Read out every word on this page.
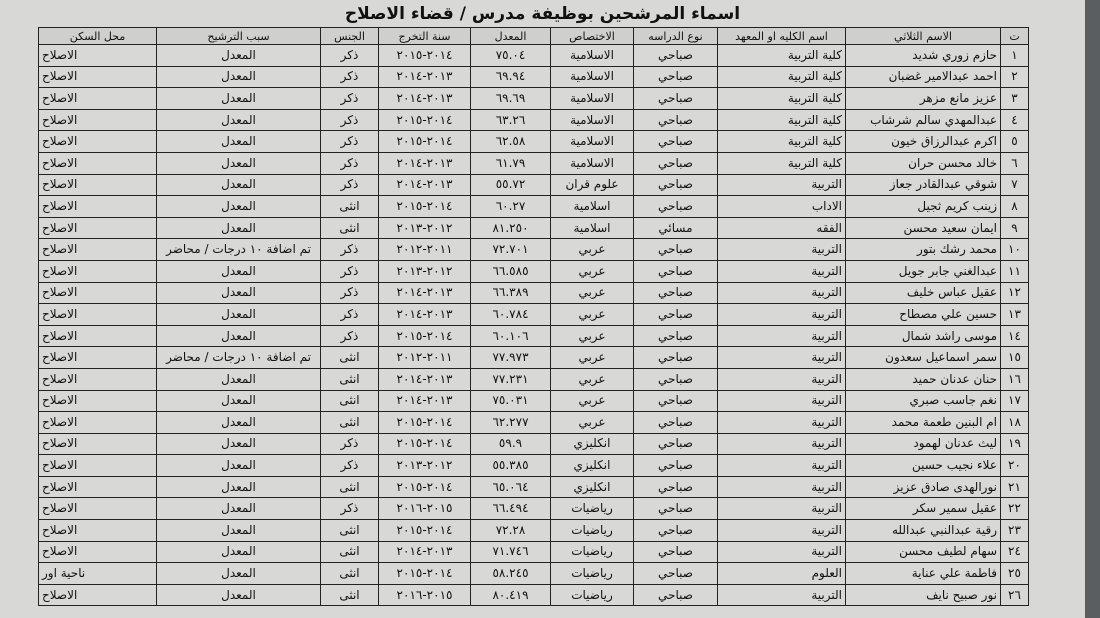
اسماء المرشحين بوظيفة مدرس / قضاء الاصلاح
ت	الاسم الثلاثي	اسم الكليه او المعهد	نوع الدراسه	الاختصاص	المعدل	سنة التخرج	الجنس	سبب الترشيح	محل السكن
١	حازم زوري شديد	كلية التربية	صباحي	الاسلامية	٧٥.٠٤	٢٠١٤-٢٠١٥	ذكر	المعدل	الاصلاح
٢	احمد عبدالامير غضبان	كلية التربية	صباحي	الاسلامية	٦٩.٩٤	٢٠١٣-٢٠١٤	ذكر	المعدل	الاصلاح
٣	عزيز مانع مزهر	كلية التربية	صباحي	الاسلامية	٦٩.٦٩	٢٠١٣-٢٠١٤	ذكر	المعدل	الاصلاح
٤	عبدالمهدي سالم شرشاب	كلية التربية	صباحي	الاسلامية	٦٣.٢٦	٢٠١٤-٢٠١٥	ذكر	المعدل	الاصلاح
٥	اكرم عبدالرزاق خيون	كلية التربية	صباحي	الاسلامية	٦٢.٥٨	٢٠١٤-٢٠١٥	ذكر	المعدل	الاصلاح
٦	خالد محسن حران	كلية التربية	صباحي	الاسلامية	٦١.٧٩	٢٠١٣-٢٠١٤	ذكر	المعدل	الاصلاح
٧	شوقي عبدالقادر جعاز	التربية	صباحي	علوم قران	٥٥.٧٢	٢٠١٣-٢٠١٤	ذكر	المعدل	الاصلاح
٨	زينب كريم ثجيل	الاداب	صباحي	اسلامية	٦٠.٢٧	٢٠١٤-٢٠١٥	انثى	المعدل	الاصلاح
٩	ايمان سعيد محسن	الفقه	مسائي	اسلامية	٨١.٢٥٠	٢٠١٢-٢٠١٣	انثى	المعدل	الاصلاح
١٠	محمد رشك بتور	التربية	صباحي	عربي	٧٢.٧٠١	٢٠١١-٢٠١٢	ذكر	تم اضافة ١٠ درجات / محاضر	الاصلاح
١١	عبدالغني جابر جويل	التربية	صباحي	عربي	٦٦.٥٨٥	٢٠١٢-٢٠١٣	ذكر	المعدل	الاصلاح
١٢	عقيل عباس خليف	التربية	صباحي	عربي	٦٦.٣٨٩	٢٠١٣-٢٠١٤	ذكر	المعدل	الاصلاح
١٣	حسين علي مصطاح	التربية	صباحي	عربي	٦٠.٧٨٤	٢٠١٣-٢٠١٤	ذكر	المعدل	الاصلاح
١٤	موسى راشد شمال	التربية	صباحي	عربي	٦٠.١٠٦	٢٠١٤-٢٠١٥	ذكر	المعدل	الاصلاح
١٥	سمر اسماعيل سعدون	التربية	صباحي	عربي	٧٧.٩٧٣	٢٠١١-٢٠١٢	انثى	تم اضافة ١٠ درجات / محاضر	الاصلاح
١٦	حنان عدنان حميد	التربية	صباحي	عربي	٧٧.٢٣١	٢٠١٣-٢٠١٤	انثى	المعدل	الاصلاح
١٧	نغم جاسب صبري	التربية	صباحي	عربي	٧٥.٠٣١	٢٠١٣-٢٠١٤	انثى	المعدل	الاصلاح
١٨	ام البنين طعمة محمد	التربية	صباحي	عربي	٦٢.٢٧٧	٢٠١٤-٢٠١٥	انثى	المعدل	الاصلاح
١٩	ليث عدنان لهمود	التربية	صباحي	انكليزي	٥٩.٩	٢٠١٤-٢٠١٥	ذكر	المعدل	الاصلاح
٢٠	علاء نجيب حسين	التربية	صباحي	انكليزي	٥٥.٣٨٥	٢٠١٢-٢٠١٣	ذكر	المعدل	الاصلاح
٢١	نورالهدى صادق عزيز	التربية	صباحي	انكليزي	٦٥.٠٦٤	٢٠١٤-٢٠١٥	انثى	المعدل	الاصلاح
٢٢	عقيل سمير سكر	التربية	صباحي	رياضيات	٦٦.٤٩٤	٢٠١٥-٢٠١٦	ذكر	المعدل	الاصلاح
٢٣	رقية عبدالنبي عبدالله	التربية	صباحي	رياضيات	٧٢.٢٨	٢٠١٤-٢٠١٥	انثى	المعدل	الاصلاح
٢٤	سهام لطيف محسن	التربية	صباحي	رياضيات	٧١.٧٤٦	٢٠١٣-٢٠١٤	انثى	المعدل	الاصلاح
٢٥	فاطمة علي عناية	العلوم	صباحي	رياضيات	٥٨.٢٤٥	٢٠١٤-٢٠١٥	انثى	المعدل	ناحية اور
٢٦	نور صبيح نايف	التربية	صباحي	رياضيات	٨٠.٤١٩	٢٠١٥-٢٠١٦	انثى	المعدل	الاصلاح
